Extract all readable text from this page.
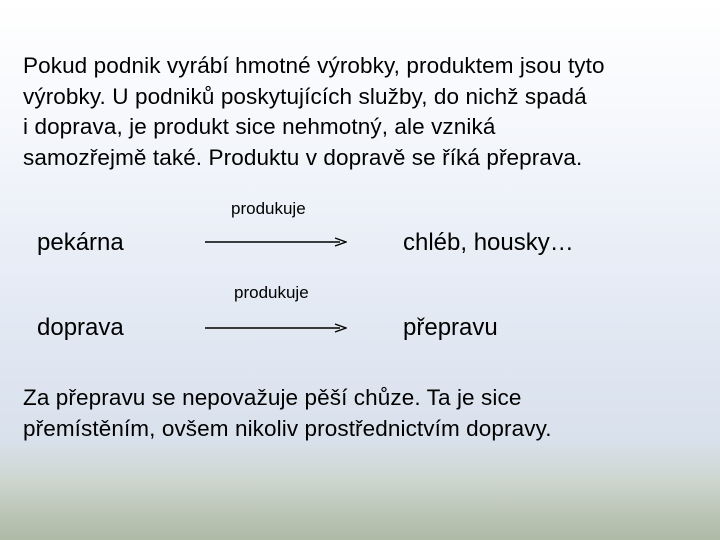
Pokud podnik vyrábí hmotné výrobky, produktem jsou tyto
výrobky. U podniků poskytujících služby, do nichž spadá
i doprava, je produkt sice nehmotný, ale vzniká
samozřejmě také. Produktu v dopravě se říká přeprava.
produkuje
pekárna	chléb, housky…
produkuje
doprava	přepravu
Za přepravu se nepovažuje pěší chůze. Ta je sice
přemístěním, ovšem nikoliv prostřednictvím dopravy.
